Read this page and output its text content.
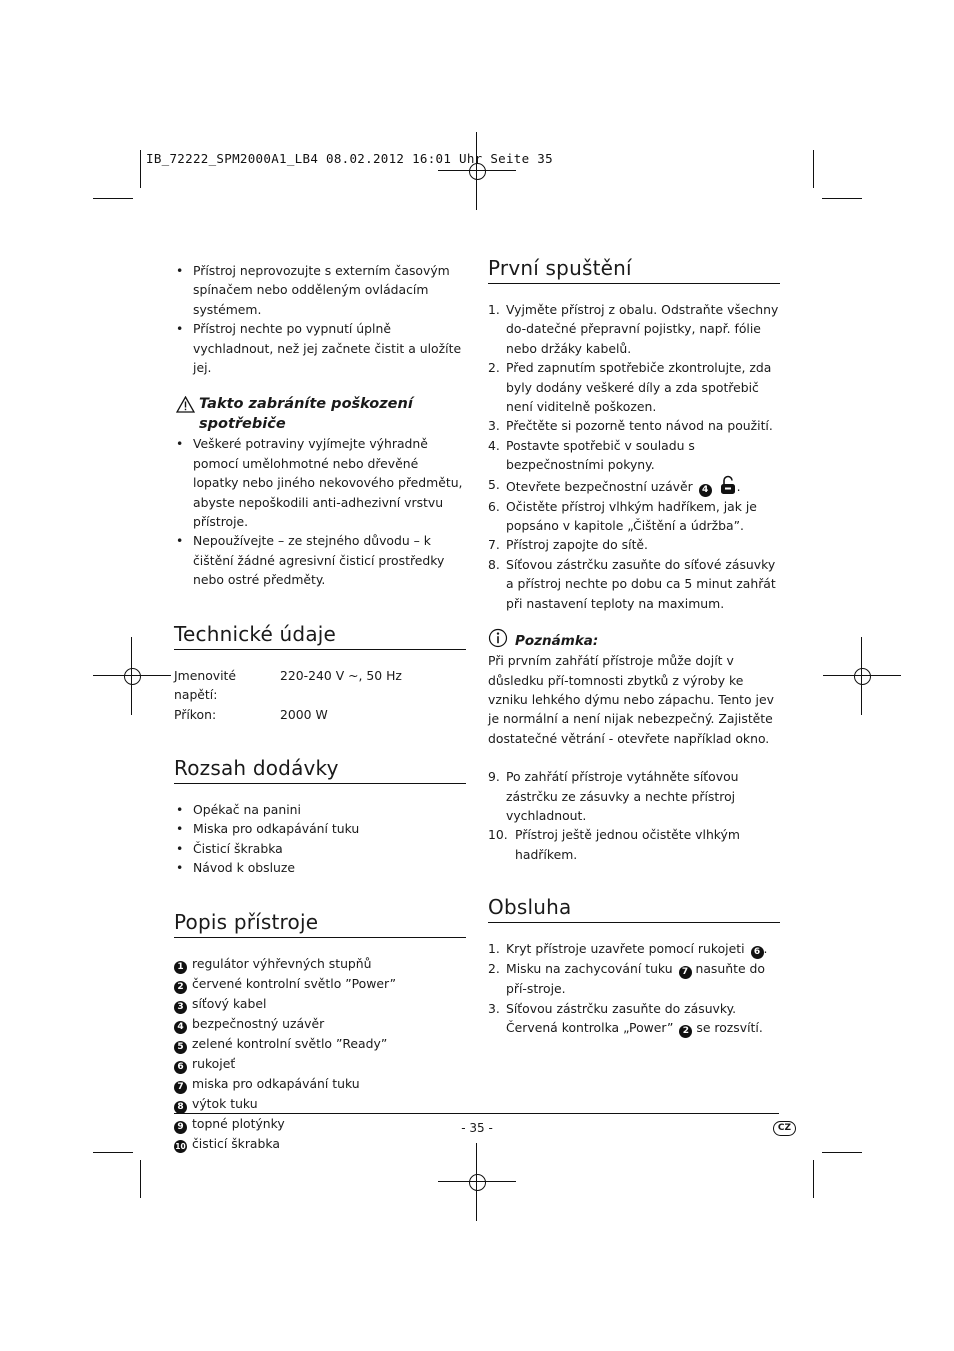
IB_72222_SPM2000A1_LB4 08.02.2012 16:01 Uhr Seite 35
• Přístroj neprovozujte s externím časovým spínačem nebo odděleným ovládacím systémem.
• Přístroj nechte po vypnutí úplně vychladnout, než jej začnete čistit a uložíte jej.
Takto zabráníte poškození
spotřebiče
• Veškeré potraviny vyjímejte výhradně pomocí umělohmotné nebo dřevěné lopatky nebo jiného nekovového předmětu, abyste nepoškodili anti-adhezivní vrstvu přístroje.
• Nepoužívejte – ze stejného důvodu – k čištění žádné agresivní čisticí prostředky nebo ostré předměty.
Technické údaje
Jmenovité napětí:
220-240 V ~, 50 Hz
Příkon:	2000 W
Rozsah dodávky
• Opékač na panini
• Miska pro odkapávání tuku
• Čisticí škrabka
• Návod k obsluze
Popis přístroje
1 regulátor výhřevných stupňů
2 červené kontrolní světlo ”Power”
3 síťový kabel
4 bezpečnostný uzávěr
5 zelené kontrolní světlo ”Ready”
6 rukojeť
7 miska pro odkapávání tuku
8 výtok tuku
9 topné plotýnky
10 čisticí škrabka
První spuštění
1. Vyjměte přístroj z obalu. Odstraňte všechny do-datečné přepravní pojistky, např. fólie nebo držáky kabelů.
2. Před zapnutím spotřebiče zkontrolujte, zda byly dodány veškeré díly a zda spotřebič není viditelně poškozen.
3. Přečtěte si pozorně tento návod na použití.
4. Postavte spotřebič v souladu s bezpečnostními pokyny.
5. Otevřete bezpečnostní uzávěr 4 .
6. Očistěte přístroj vlhkým hadříkem, jak je popsáno v kapitole „Čištění a údržba”.
7. Přístroj zapojte do sítě.
8. Síťovou zástrčku zasuňte do síťové zásuvky a přístroj nechte po dobu ca 5 minut zahřát při nastavení teploty na maximum.
Poznámka:
Při prvním zahřátí přístroje může dojít v důsledku pří-tomnosti zbytků z výroby ke vzniku lehkého dýmu nebo zápachu. Tento jev je normální a není nijak nebezpečný. Zajistěte dostatečné větrání - otevřete například okno.
9. Po zahřátí přístroje vytáhněte síťovou zástrčku ze zásuvky a nechte přístroj vychladnout.
10. Přístroj ještě jednou očistěte vlhkým hadříkem.
Obsluha
1. Kryt přístroje uzavřete pomocí rukojeti 6 .
2. Misku na zachycování tuku 7 nasuňte do pří-stroje.
3. Síťovou zástrčku zasuňte do zásuvky. Červená kontrolka „Power” 2 se rozsvítí.
- 35 -	CZ
